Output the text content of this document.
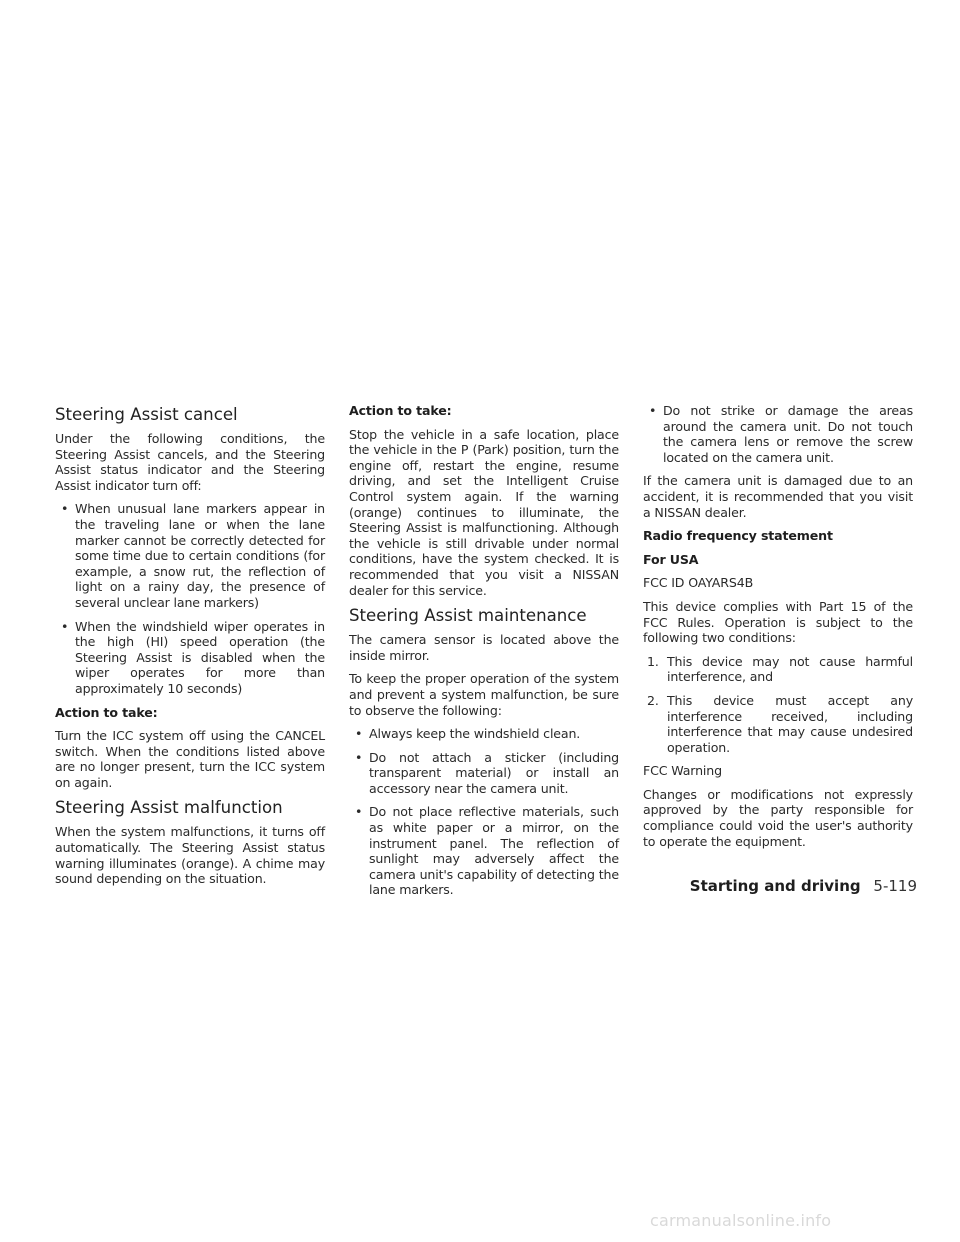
Steering Assist cancel

Under the following conditions, the Steering Assist cancels, and the Steering Assist status indicator and the Steering Assist indicator turn off:

• When unusual lane markers appear in the traveling lane or when the lane marker cannot be correctly detected for some time due to certain conditions (for example, a snow rut, the reflection of light on a rainy day, the presence of several unclear lane markers)
• When the windshield wiper operates in the high (HI) speed operation (the Steering Assist is disabled when the wiper operates for more than approximately 10 seconds)
Action to take:

Turn the ICC system off using the CANCEL switch. When the conditions listed above are no longer present, turn the ICC system on again.

Steering Assist malfunction

When the system malfunctions, it turns off automatically. The Steering Assist status warning illuminates (orange). A chime may sound depending on the situation.

Action to take:

Stop the vehicle in a safe location, place the vehicle in the P (Park) position, turn the engine off, restart the engine, resume driving, and set the Intelligent Cruise Control system again. If the warning (orange) continues to illuminate, the Steering Assist is malfunctioning. Although the vehicle is still drivable under normal conditions, have the system checked. It is recommended that you visit a NISSAN dealer for this service.

Steering Assist maintenance

The camera sensor is located above the inside mirror.

To keep the proper operation of the system and prevent a system malfunction, be sure to observe the following:

• Always keep the windshield clean.
• Do not attach a sticker (including transparent material) or install an accessory near the camera unit.
• Do not place reflective materials, such as white paper or a mirror, on the instrument panel. The reflection of sunlight may adversely affect the camera unit's capability of detecting the lane markers.
• Do not strike or damage the areas around the camera unit. Do not touch the camera lens or remove the screw located on the camera unit.

If the camera unit is damaged due to an accident, it is recommended that you visit a NISSAN dealer.

Radio frequency statement
For USA

FCC ID OAYARS4B

This device complies with Part 15 of the FCC Rules. Operation is subject to the following two conditions:

1. This device may not cause harmful interference, and
2. This device must accept any interference received, including interference that may cause undesired operation.

FCC Warning

Changes or modifications not expressly approved by the party responsible for compliance could void the user's authority to operate the equipment.

Starting and driving 5-119
carmanualsonline.info
